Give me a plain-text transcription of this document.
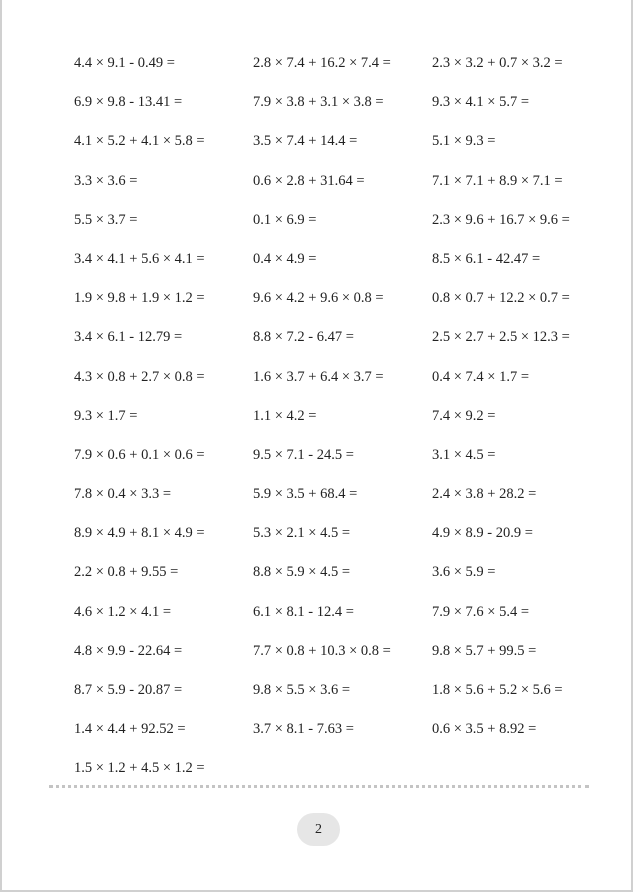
4.4 × 9.1 - 0.49 =	2.8 × 7.4 + 16.2 × 7.4 =	2.3 × 3.2 + 0.7 × 3.2 =
6.9 × 9.8 - 13.41 =	7.9 × 3.8 + 3.1 × 3.8 =	9.3 × 4.1 × 5.7 =
4.1 × 5.2 + 4.1 × 5.8 =	3.5 × 7.4 + 14.4 =	5.1 × 9.3 =
3.3 × 3.6 =	0.6 × 2.8 + 31.64 =	7.1 × 7.1 + 8.9 × 7.1 =
5.5 × 3.7 =	0.1 × 6.9 =	2.3 × 9.6 + 16.7 × 9.6 =
3.4 × 4.1 + 5.6 × 4.1 =	0.4 × 4.9 =	8.5 × 6.1 - 42.47 =
1.9 × 9.8 + 1.9 × 1.2 =	9.6 × 4.2 + 9.6 × 0.8 =	0.8 × 0.7 + 12.2 × 0.7 =
3.4 × 6.1 - 12.79 =	8.8 × 7.2 - 6.47 =	2.5 × 2.7 + 2.5 × 12.3 =
4.3 × 0.8 + 2.7 × 0.8 =	1.6 × 3.7 + 6.4 × 3.7 =	0.4 × 7.4 × 1.7 =
9.3 × 1.7 =	1.1 × 4.2 =	7.4 × 9.2 =
7.9 × 0.6 + 0.1 × 0.6 =	9.5 × 7.1 - 24.5 =	3.1 × 4.5 =
7.8 × 0.4 × 3.3 =	5.9 × 3.5 + 68.4 =	2.4 × 3.8 + 28.2 =
8.9 × 4.9 + 8.1 × 4.9 =	5.3 × 2.1 × 4.5 =	4.9 × 8.9 - 20.9 =
2.2 × 0.8 + 9.55 =	8.8 × 5.9 × 4.5 =	3.6 × 5.9 =
4.6 × 1.2 × 4.1 =	6.1 × 8.1 - 12.4 =	7.9 × 7.6 × 5.4 =
4.8 × 9.9 - 22.64 =	7.7 × 0.8 + 10.3 × 0.8 =	9.8 × 5.7 + 99.5 =
8.7 × 5.9 - 20.87 =	9.8 × 5.5 × 3.6 =	1.8 × 5.6 + 5.2 × 5.6 =
1.4 × 4.4 + 92.52 =	3.7 × 8.1 - 7.63 =	0.6 × 3.5 + 8.92 =
1.5 × 1.2 + 4.5 × 1.2 =
2
